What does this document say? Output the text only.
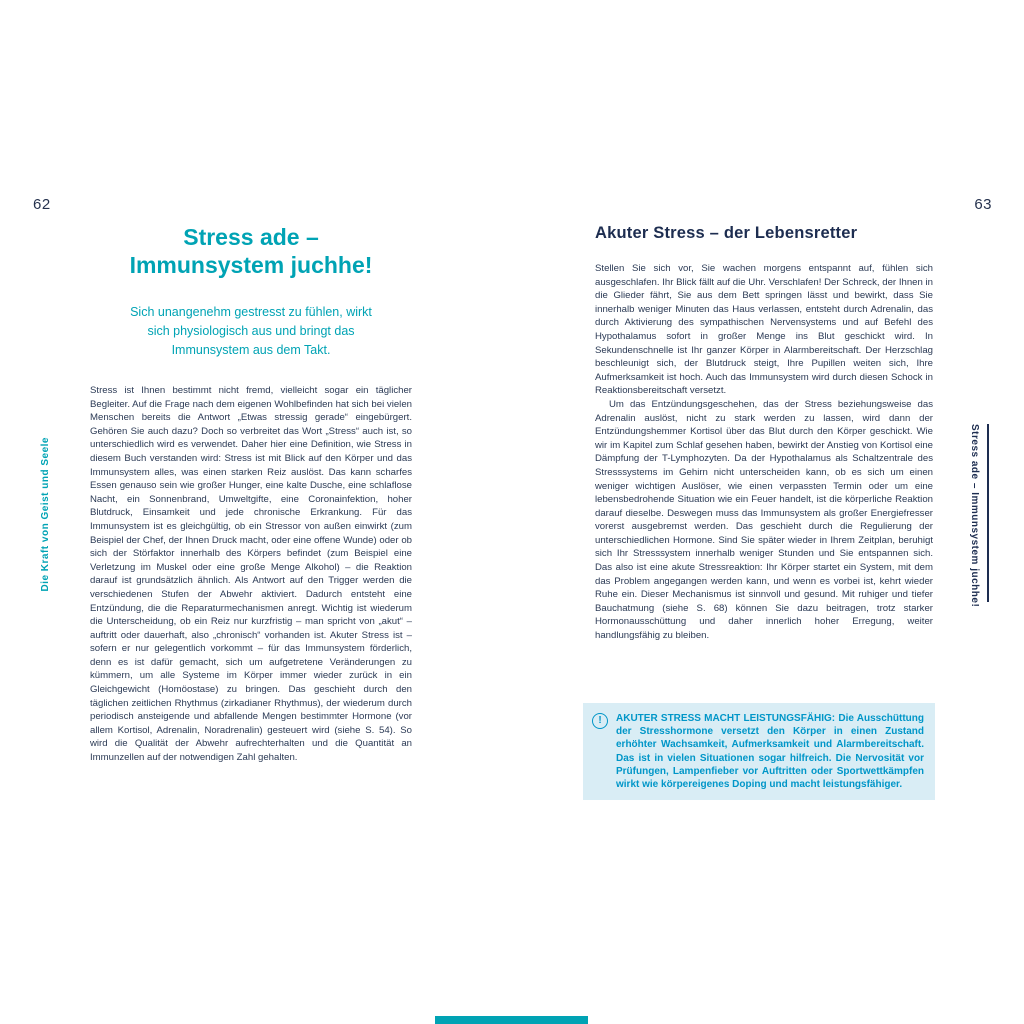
62	63
Die Kraft von Geist und Seele
Stress ade –
Immunsystem juchhe!
Sich unangenehm gestresst zu fühlen, wirkt sich physiologisch aus und bringt das Immunsystem aus dem Takt.
Stress ist Ihnen bestimmt nicht fremd, vielleicht sogar ein täglicher Begleiter. Auf die Frage nach dem eigenen Wohlbefinden hat sich bei vielen Menschen bereits die Antwort „Etwas stressig gerade“ eingebürgert. Gehören Sie auch dazu? Doch so verbreitet das Wort „Stress“ auch ist, so unterschiedlich wird es verwendet. Daher hier eine Definition, wie Stress in diesem Buch verstanden wird: Stress ist mit Blick auf den Körper und das Immunsystem alles, was einen starken Reiz auslöst. Das kann scharfes Essen genauso sein wie großer Hunger, eine kalte Dusche, eine schlaflose Nacht, ein Sonnenbrand, Umweltgifte, eine Coronainfektion, hoher Blutdruck, Einsamkeit und jede chronische Erkrankung. Für das Immunsystem ist es gleichgültig, ob ein Stressor von außen einwirkt (zum Beispiel der Chef, der Ihnen Druck macht, oder eine offene Wunde) oder ob sich der Störfaktor innerhalb des Körpers befindet (zum Beispiel eine Verletzung im Muskel oder eine große Menge Alkohol) – die Reaktion darauf ist grundsätzlich ähnlich. Als Antwort auf den Trigger werden die verschiedenen Stufen der Abwehr aktiviert. Dadurch entsteht eine Entzündung, die die Reparaturmechanismen anregt. Wichtig ist wiederum die Unterscheidung, ob ein Reiz nur kurzfristig – man spricht von „akut“ – auftritt oder dauerhaft, also „chronisch“ vorhanden ist. Akuter Stress ist – sofern er nur gelegentlich vorkommt – für das Immunsystem förderlich, denn es ist dafür gemacht, sich um aufgetretene Veränderungen zu kümmern, um alle Systeme im Körper immer wieder zurück in ein Gleichgewicht (Homöostase) zu bringen. Das geschieht durch den täglichen zeitlichen Rhythmus (zirkadianer Rhythmus), der wiederum durch periodisch ansteigende und abfallende Mengen bestimmter Hormone (vor allem Kortisol, Adrenalin, Noradrenalin) gesteuert wird (siehe S. 54). So wird die Qualität der Abwehr aufrechterhalten und die Quantität an Immunzellen auf der notwendigen Zahl gehalten.
Akuter Stress – der Lebensretter

Stellen Sie sich vor, Sie wachen morgens entspannt auf, fühlen sich ausgeschlafen. Ihr Blick fällt auf die Uhr. Verschlafen! Der Schreck, der Ihnen in die Glieder fährt, Sie aus dem Bett springen lässt und bewirkt, dass Sie innerhalb weniger Minuten das Haus verlassen, entsteht durch Adrenalin, das durch Aktivierung des sympathischen Nervensystems und auf Befehl des Hypothalamus sofort in großer Menge ins Blut geschickt wird. In Sekundenschnelle ist Ihr ganzer Körper in Alarmbereitschaft. Der Herzschlag beschleunigt sich, der Blutdruck steigt, Ihre Pupillen weiten sich, Ihre Aufmerksamkeit ist hoch. Auch das Immunsystem wird durch diesen Schock in Reaktionsbereitschaft versetzt.

Um das Entzündungsgeschehen, das der Stress beziehungsweise das Adrenalin auslöst, nicht zu stark werden zu lassen, wird dann der Entzündungshemmer Kortisol über das Blut durch den Körper geschickt. Wie wir im Kapitel zum Schlaf gesehen haben, bewirkt der Anstieg von Kortisol eine Dämpfung der T-Lymphozyten. Da der Hypothalamus als Schaltzentrale des Stresssystems im Gehirn nicht unterscheiden kann, ob es sich um einen weniger wichtigen Auslöser, wie einen verpassten Termin oder um eine lebensbedrohende Situation wie ein Feuer handelt, ist die körperliche Reaktion darauf dieselbe. Deswegen muss das Immunsystem als großer Energiefresser vorerst ausgebremst werden. Das geschieht durch die Regulierung der unterschiedlichen Hormone. Sind Sie später wieder in Ihrem Zeitplan, beruhigt sich Ihr Stresssystem innerhalb weniger Stunden und Sie entspannen sich. Das also ist eine akute Stressreaktion: Ihr Körper startet ein System, mit dem das Problem angegangen werden kann, und wenn es vorbei ist, kehrt wieder Ruhe ein. Dieser Mechanismus ist sinnvoll und gesund. Mit ruhiger und tiefer Bauchatmung (siehe S. 68) können Sie dazu beitragen, trotz starker Hormonausschüttung und daher innerlich hoher Erregung, weiter handlungsfähig zu bleiben.

!	AKUTER STRESS MACHT LEISTUNGSFÄHIG: Die Ausschüttung der Stresshormone versetzt den Körper in einen Zustand erhöhter Wachsamkeit, Aufmerksamkeit und Alarmbereitschaft. Das ist in vielen Situationen sogar hilfreich. Die Nervosität vor Prüfungen, Lampenfieber vor Auftritten oder Sportwettkämpfen wirkt wie körpereigenes Doping und macht leistungsfähiger.
Stress ade – Immunsystem juchhe!
